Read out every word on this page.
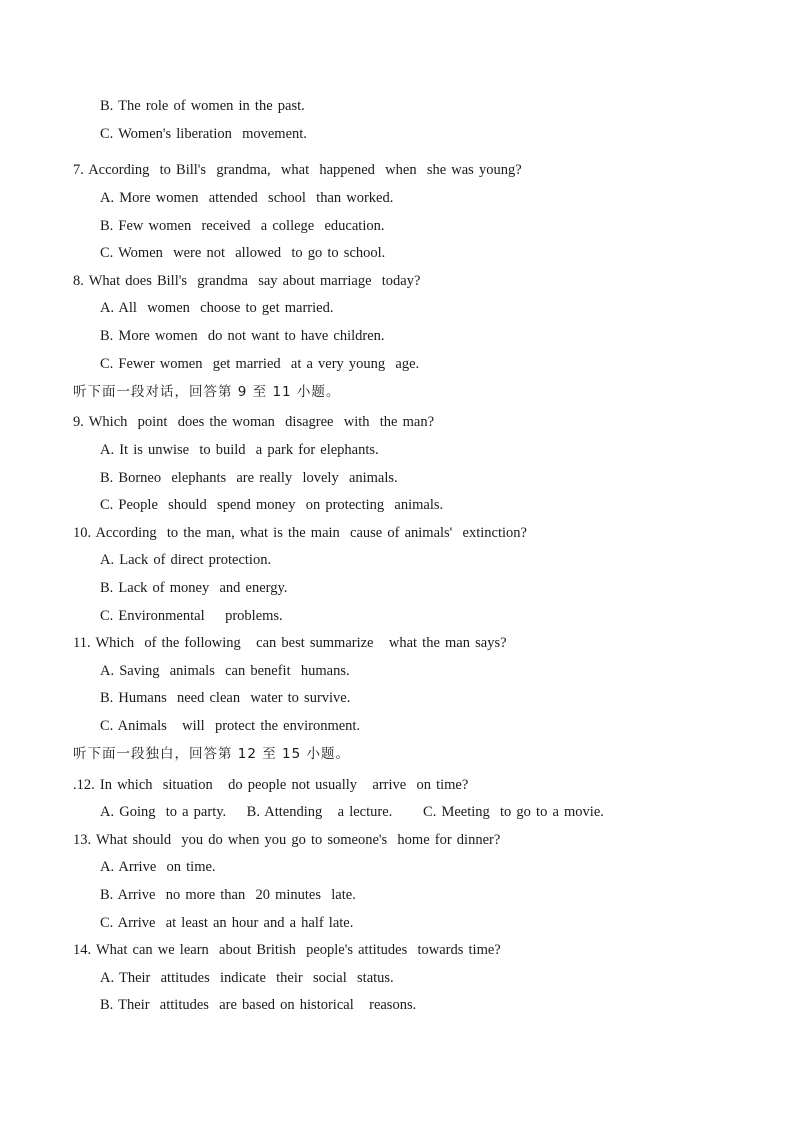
B. The role of women in the past.
C. Women's liberation  movement.
7. According  to Bill's  grandma,  what  happened  when  she was young?
A. More women  attended  school  than worked.
B. Few women  received  a college  education.
C. Women  were not  allowed  to go to school.
8. What does Bill's  grandma  say about marriage  today?
A. All  women  choose to get married.
B. More women  do not want to have children.
C. Fewer women  get married  at a very young  age.
听下面一段对话，回答第 9 至 11 小题。
9. Which  point  does the woman  disagree  with  the man?
A. It is unwise  to build  a park for elephants.
B. Borneo  elephants  are really  lovely  animals.
C. People  should  spend money  on protecting  animals.
10. According  to the man, what is the main  cause of animals'  extinction?
A. Lack of direct protection.
B. Lack of money  and energy.
C. Environmental    problems.
11. Which  of the following   can best summarize   what the man says?
A. Saving  animals  can benefit  humans.
B. Humans  need clean  water to survive.
C. Animals   will  protect the environment.
听下面一段独白，回答第 12 至 15 小题。
.12. In which  situation   do people not usually   arrive  on time?
A. Going  to a party.    B. Attending   a lecture.      C. Meeting  to go to a movie.
13. What should  you do when you go to someone's  home for dinner?
A. Arrive  on time.
B. Arrive  no more than  20 minutes  late.
C. Arrive  at least an hour and a half late.
14. What can we learn  about British  people's attitudes  towards time?
A. Their  attitudes  indicate  their  social  status.
B. Their  attitudes  are based on historical   reasons.
